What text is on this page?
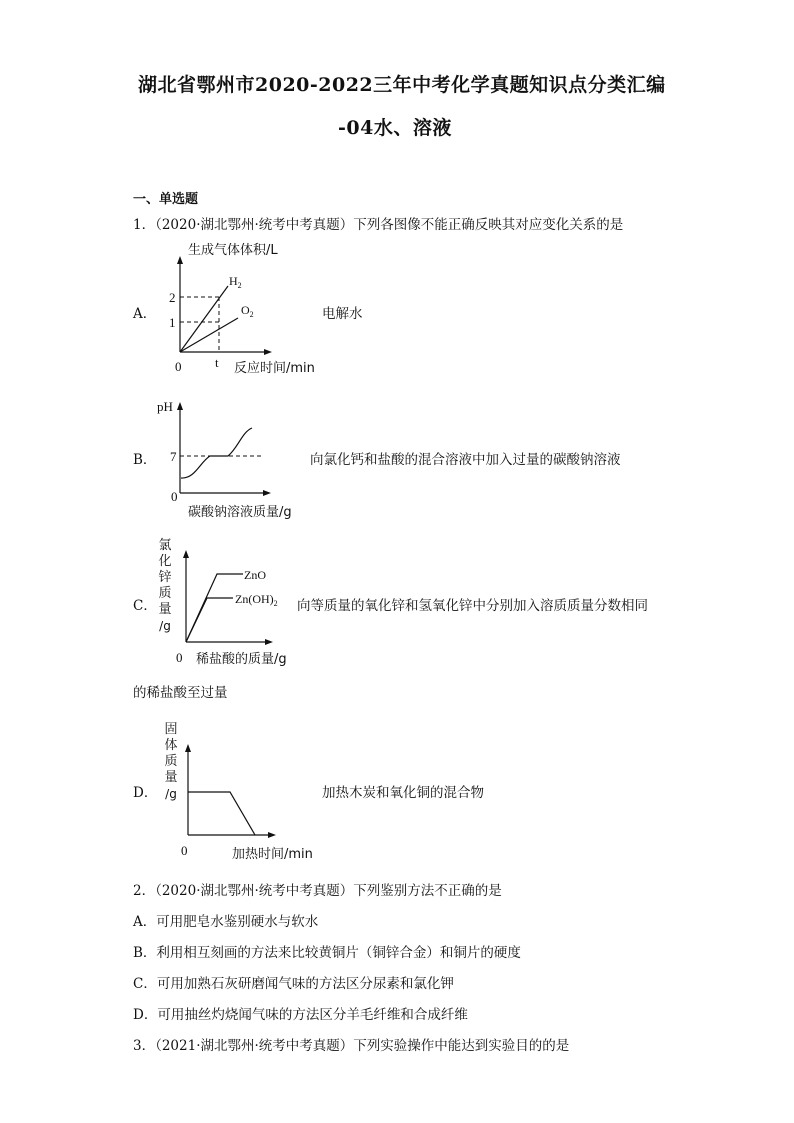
湖北省鄂州市2020-2022三年中考化学真题知识点分类汇编
-04水、溶液
一、单选题
1．（2020·湖北鄂州·统考中考真题）下列各图像不能正确反映其对应变化关系的是
A．	电解水
生成气体体积/L
2
1
0	t 反应时间/min
$H_2$
$O_2$
B．	向氯化钙和盐酸的混合溶液中加入过量的碳酸钠溶液
pH
7
0
碳酸钠溶液质量/g
C．	向等质量的氧化锌和氢氧化锌中分别加入溶质质量分数相同
的稀盐酸至过量
氯
化
锌
质
量
/g
ZnO
$Zn(OH)_2$
0 稀盐酸的质量/g
D．	加热木炭和氧化铜的混合物
固
体
质
量
/g
0	加热时间/min
2．（2020·湖北鄂州·统考中考真题）下列鉴别方法不正确的是
A．可用肥皂水鉴别硬水与软水
B．利用相互刻画的方法来比较黄铜片（铜锌合金）和铜片的硬度
C．可用加熟石灰研磨闻气味的方法区分尿素和氯化钾
D．可用抽丝灼烧闻气味的方法区分羊毛纤维和合成纤维
3．（2021·湖北鄂州·统考中考真题）下列实验操作中能达到实验目的的是
